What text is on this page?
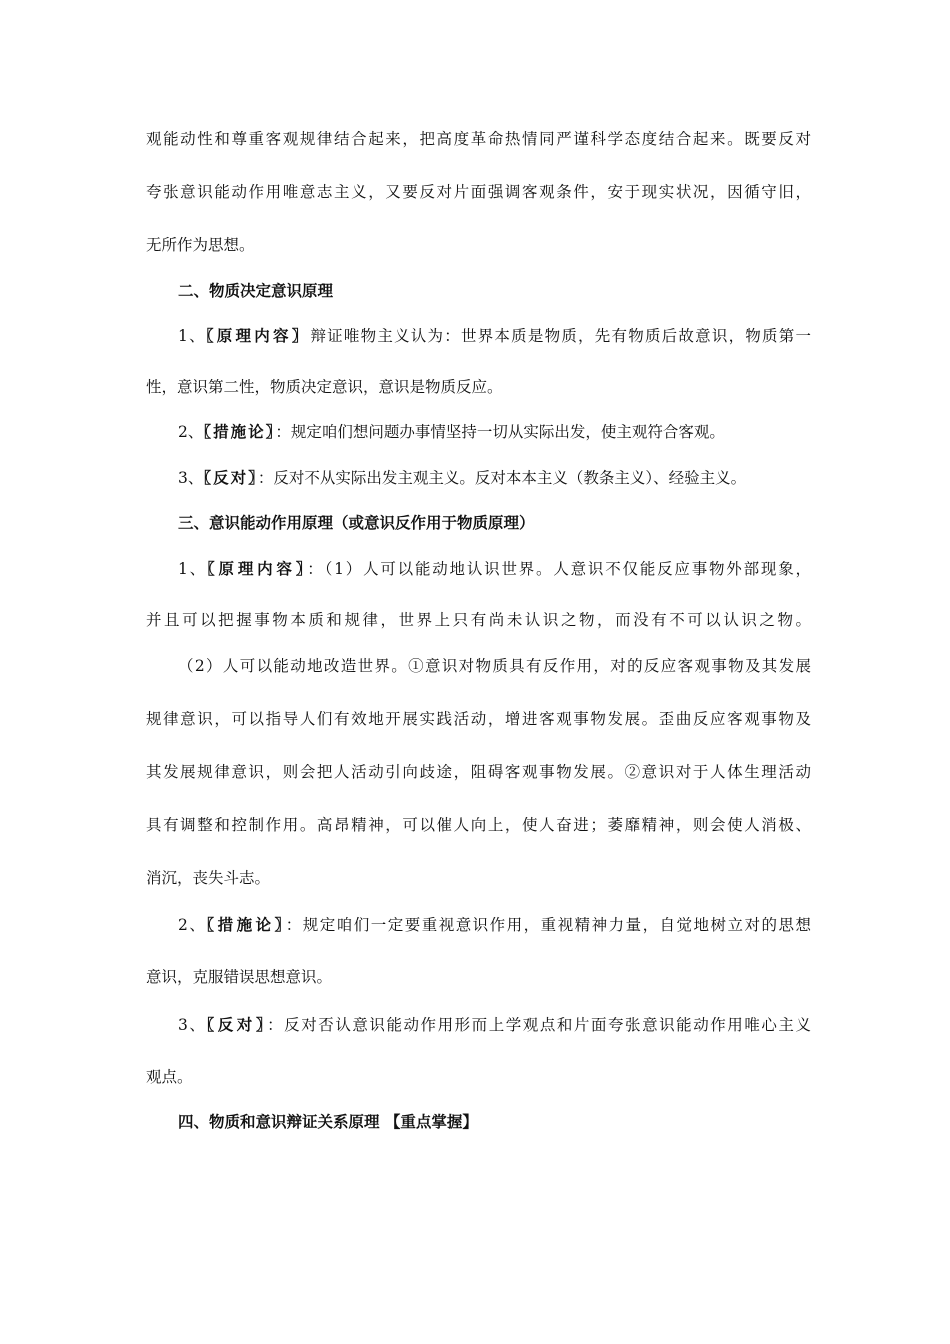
观能动性和尊重客观规律结合起来，把高度革命热情同严谨科学态度结合起来。既要反对
夸张意识能动作用唯意志主义，又要反对片面强调客观条件，安于现实状况，因循守旧，
无所作为思想。
二、物质决定意识原理
1、〖原理内容〗辩证唯物主义认为：世界本质是物质，先有物质后故意识，物质第一
性，意识第二性，物质决定意识，意识是物质反应。
2、〖措施论〗：规定咱们想问题办事情坚持一切从实际出发，使主观符合客观。
3、〖反对〗：反对不从实际出发主观主义。反对本本主义（教条主义）、经验主义。
三、意识能动作用原理（或意识反作用于物质原理）
1、〖原理内容〗：（1）人可以能动地认识世界。人意识不仅能反应事物外部现象，
并且可以把握事物本质和规律，世界上只有尚未认识之物，而没有不可以认识之物。
（2）人可以能动地改造世界。①意识对物质具有反作用，对的反应客观事物及其发展
规律意识，可以指导人们有效地开展实践活动，增进客观事物发展。歪曲反应客观事物及
其发展规律意识，则会把人活动引向歧途，阻碍客观事物发展。②意识对于人体生理活动
具有调整和控制作用。高昂精神，可以催人向上，使人奋进；萎靡精神，则会使人消极、
消沉，丧失斗志。
2、〖措施论〗：规定咱们一定要重视意识作用，重视精神力量，自觉地树立对的思想
意识，克服错误思想意识。
3、〖反对〗：反对否认意识能动作用形而上学观点和片面夸张意识能动作用唯心主义
观点。
四、物质和意识辩证关系原理 【重点掌握】
